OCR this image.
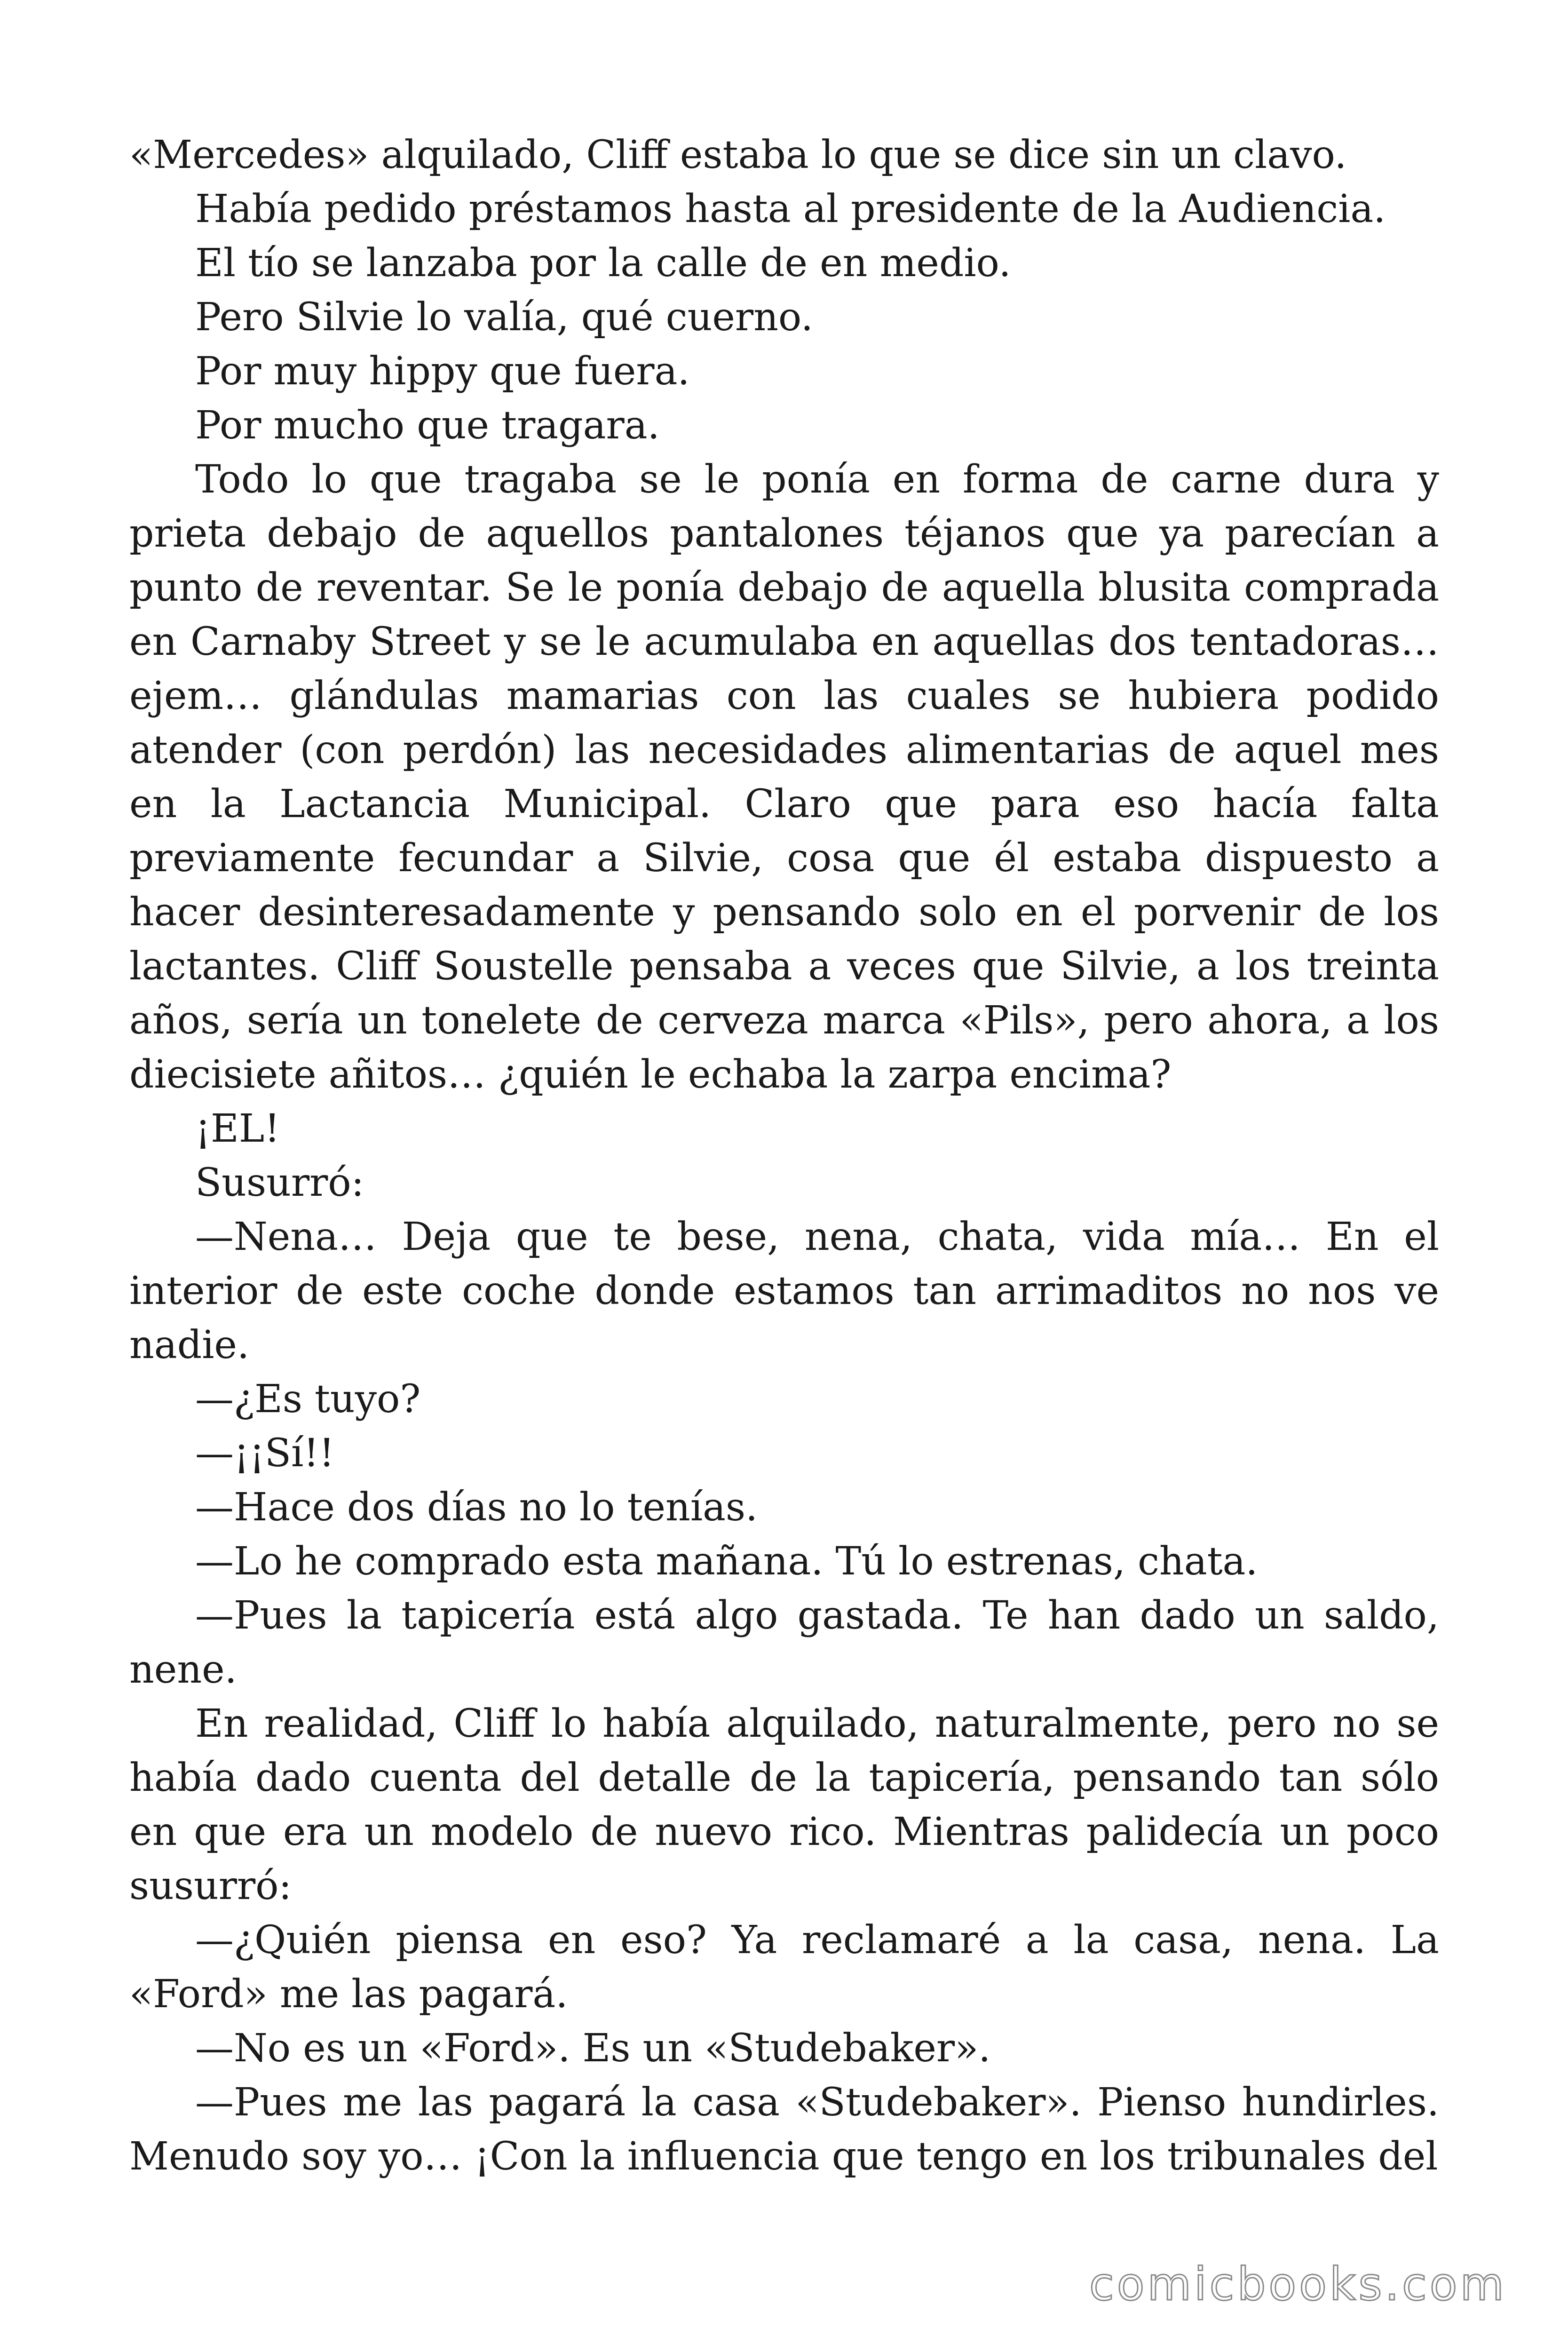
«Mercedes» alquilado, Cliff estaba lo que se dice sin un clavo.

Había pedido préstamos hasta al presidente de la Audiencia.

El tío se lanzaba por la calle de en medio.

Pero Silvie lo valía, qué cuerno.

Por muy hippy que fuera.

Por mucho que tragara.

Todo lo que tragaba se le ponía en forma de carne dura y prieta debajo de aquellos pantalones téjanos que ya parecían a punto de reventar. Se le ponía debajo de aquella blusita comprada en Carnaby Street y se le acumulaba en aquellas dos tentadoras… ejem… glándulas mamarias con las cuales se hubiera podido atender (con perdón) las necesidades alimentarias de aquel mes en la Lactancia Municipal. Claro que para eso hacía falta previamente fecundar a Silvie, cosa que él estaba dispuesto a hacer desinteresadamente y pensando solo en el porvenir de los lactantes. Cliff Soustelle pensaba a veces que Silvie, a los treinta años, sería un tonelete de cerveza marca «Pils», pero ahora, a los diecisiete añitos… ¿quién le echaba la zarpa encima?

¡EL!

Susurró:

—Nena… Deja que te bese, nena, chata, vida mía… En el interior de este coche donde estamos tan arrimaditos no nos ve nadie.

—¿Es tuyo?

—¡¡Sí!!

—Hace dos días no lo tenías.

—Lo he comprado esta mañana. Tú lo estrenas, chata.

—Pues la tapicería está algo gastada. Te han dado un saldo, nene.

En realidad, Cliff lo había alquilado, naturalmente, pero no se había dado cuenta del detalle de la tapicería, pensando tan sólo en que era un modelo de nuevo rico. Mientras palidecía un poco susurró:

—¿Quién piensa en eso? Ya reclamaré a la casa, nena. La «Ford» me las pagará.

—No es un «Ford». Es un «Studebaker».

—Pues me las pagará la casa «Studebaker». Pienso hundirles. Menudo soy yo… ¡Con la influencia que tengo en los tribunales del

comicbooks.com
